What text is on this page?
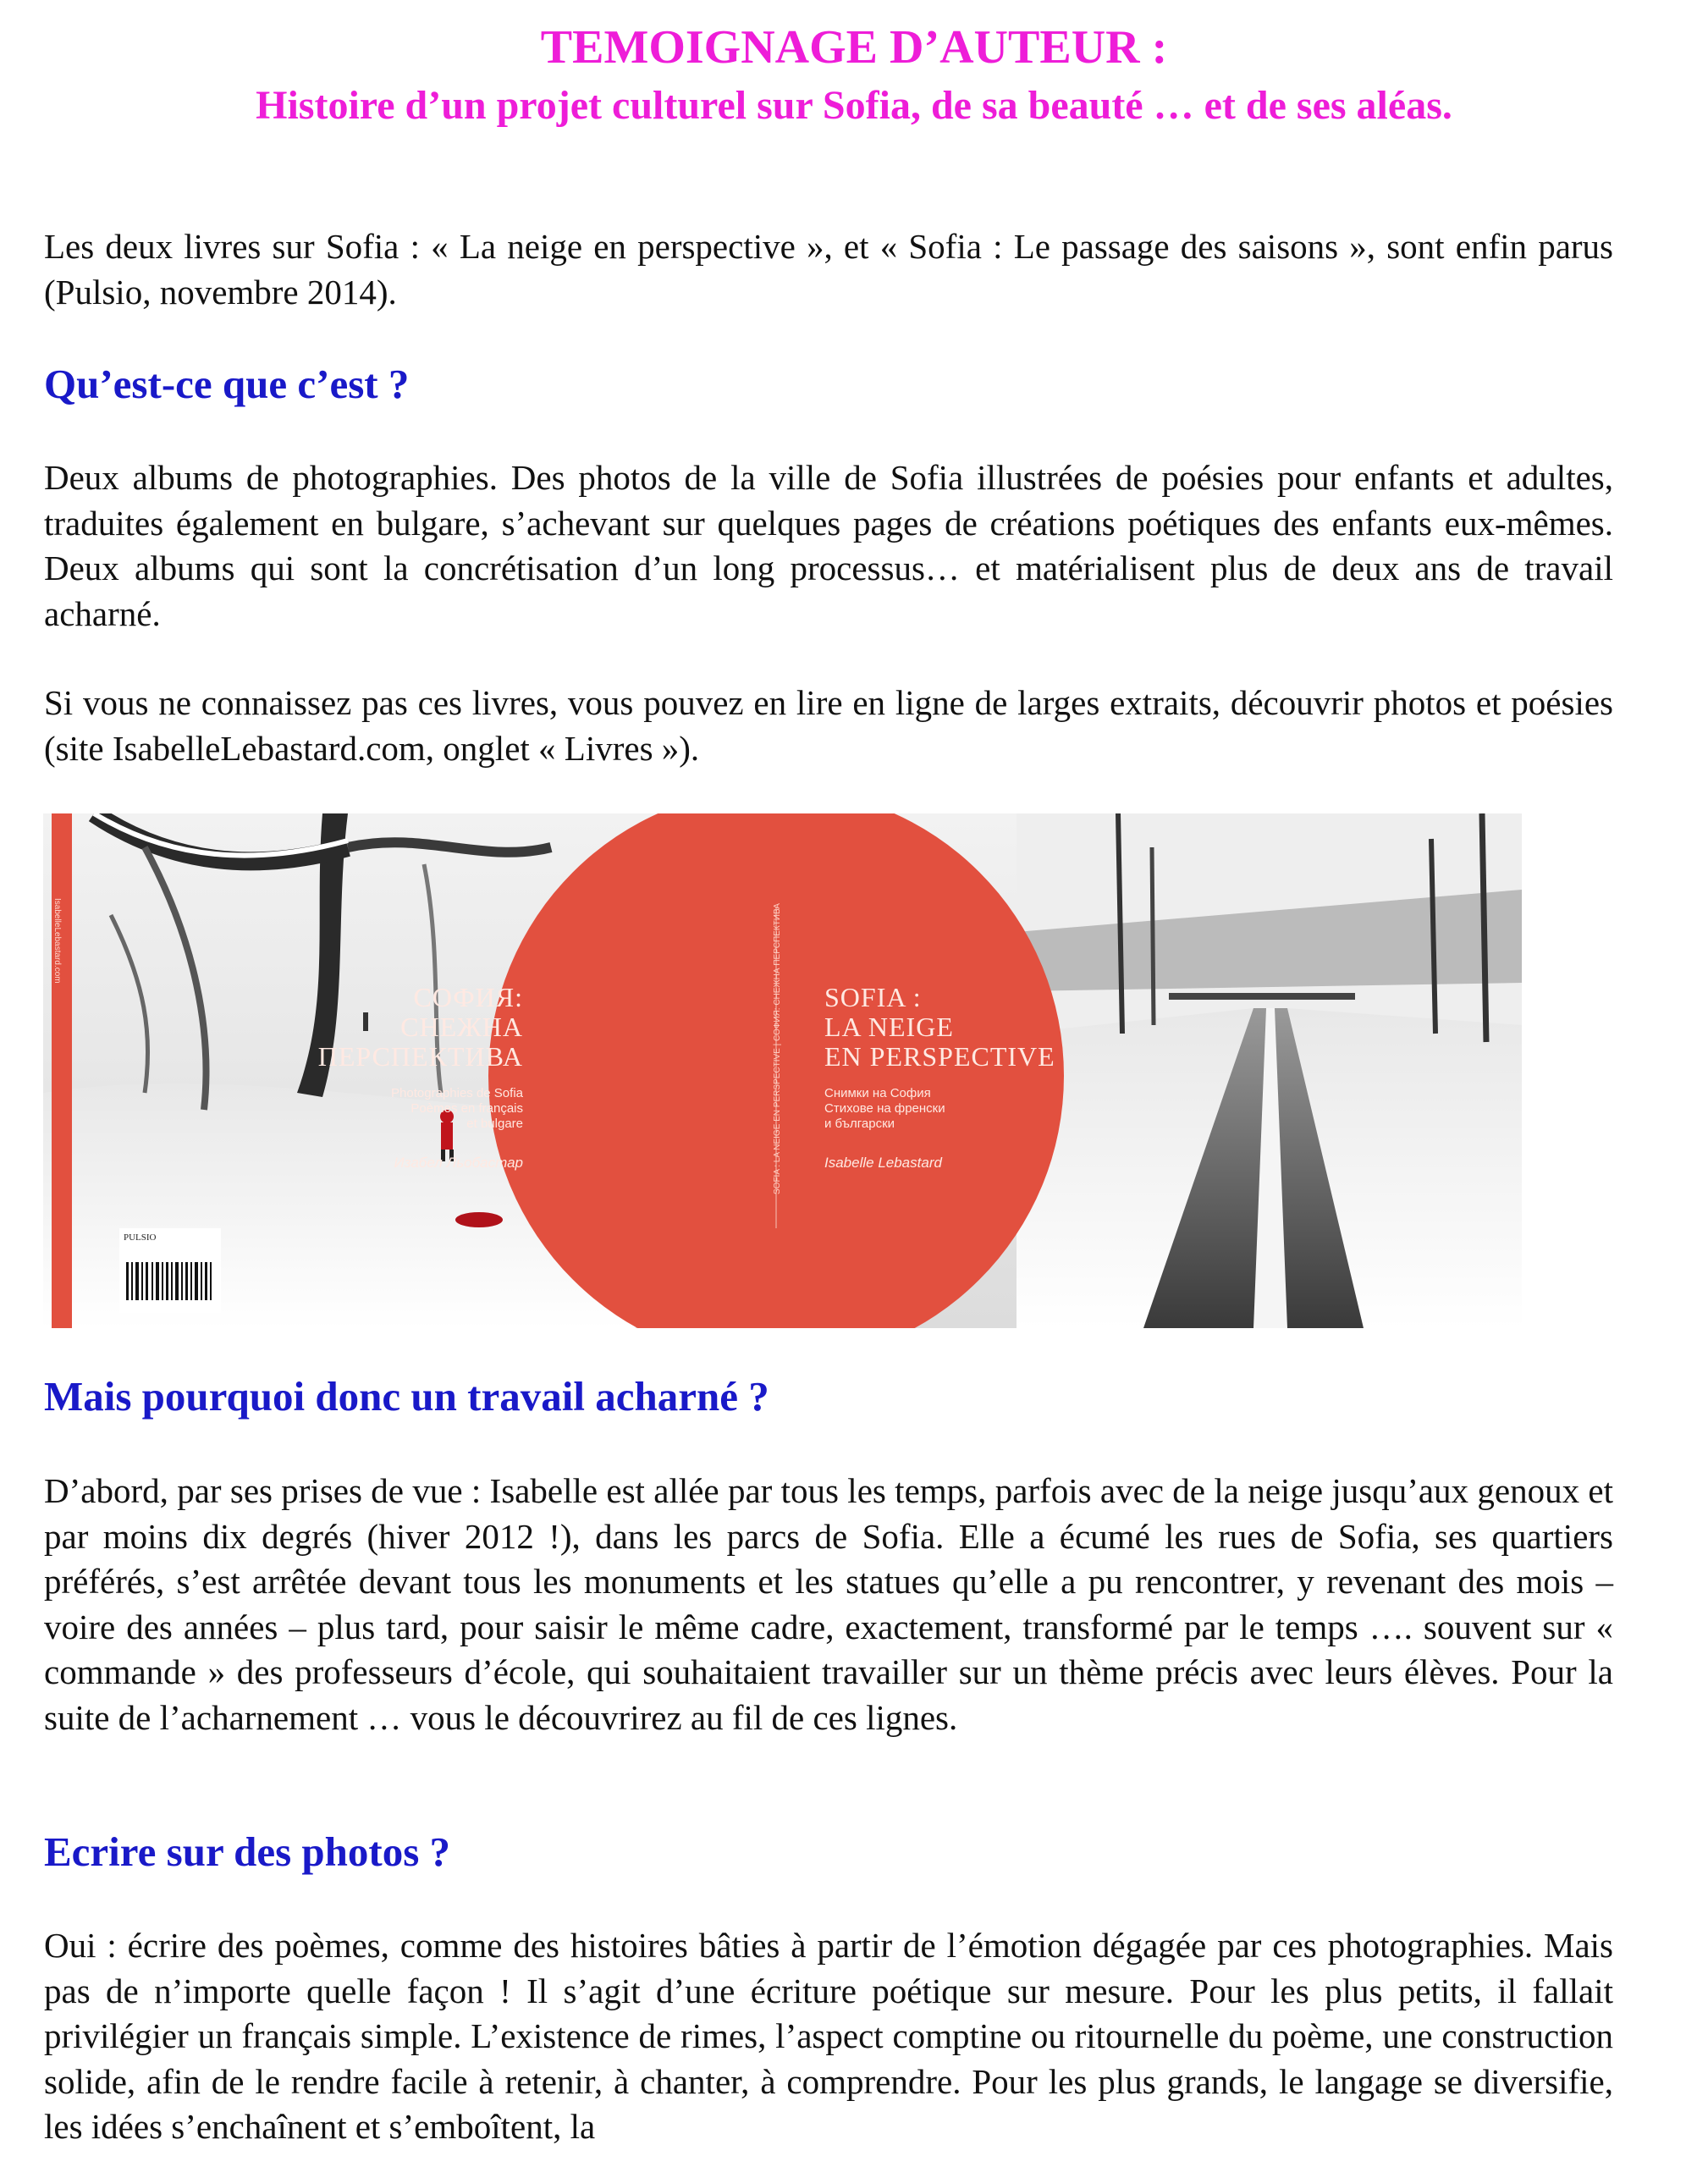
TEMOIGNAGE D’AUTEUR :
Histoire d’un projet culturel sur Sofia, de sa beauté … et de ses aléas.

Les deux livres sur Sofia : « La neige en perspective », et « Sofia : Le passage des saisons », sont enfin parus (Pulsio, novembre 2014).

Qu’est-ce que c’est ?

Deux albums de photographies. Des photos de la ville de Sofia illustrées de poésies pour enfants et adultes, traduites également en bulgare, s’achevant sur quelques pages de créations poétiques des enfants eux-mêmes. Deux albums qui sont la concrétisation d’un long processus… et matérialisent plus de deux ans de travail acharné.

Si vous ne connaissez pas ces livres, vous pouvez en lire en ligne de larges extraits, découvrir photos et poésies (site IsabelleLebastard.com, onglet « Livres »).

IsabelleLebastard.com
PULSIO
СОФИЯ:
СНЕЖНА
ПЕРСПЕКТИВА
Photographies de Sofia
Poèmes en français
et bulgare
Изабел Льобастар	SOFIA : LA NEIGE EN PERSPECTIVE | СОФИЯ: СНЕЖНА ПЕРСПЕКТИВА SOFIA :
LA NEIGE
EN PERSPECTIVE
Снимки на София
Стихове на френски
и български
Isabelle Lebastard
Mais pourquoi donc un travail acharné ?

D’abord, par ses prises de vue : Isabelle est allée par tous les temps, parfois avec de la neige jusqu’aux genoux et par moins dix degrés (hiver 2012 !), dans les parcs de Sofia. Elle a écumé les rues de Sofia, ses quartiers préférés, s’est arrêtée devant tous les monuments et les statues qu’elle a pu rencontrer, y revenant des mois – voire des années – plus tard, pour saisir le même cadre, exactement, transformé par le temps …. souvent sur « commande » des professeurs d’école, qui souhaitaient travailler sur un thème précis avec leurs élèves. Pour la suite de l’acharnement … vous le découvrirez au fil de ces lignes.

Ecrire sur des photos ?

Oui : écrire des poèmes, comme des histoires bâties à partir de l’émotion dégagée par ces photographies. Mais pas de n’importe quelle façon ! Il s’agit d’une écriture poétique sur mesure. Pour les plus petits, il fallait privilégier un français simple. L’existence de rimes, l’aspect comptine ou ritournelle du poème, une construction solide, afin de le rendre facile à retenir, à chanter, à comprendre. Pour les plus grands, le langage se diversifie, les idées s’enchaînent et s’emboîtent, la
